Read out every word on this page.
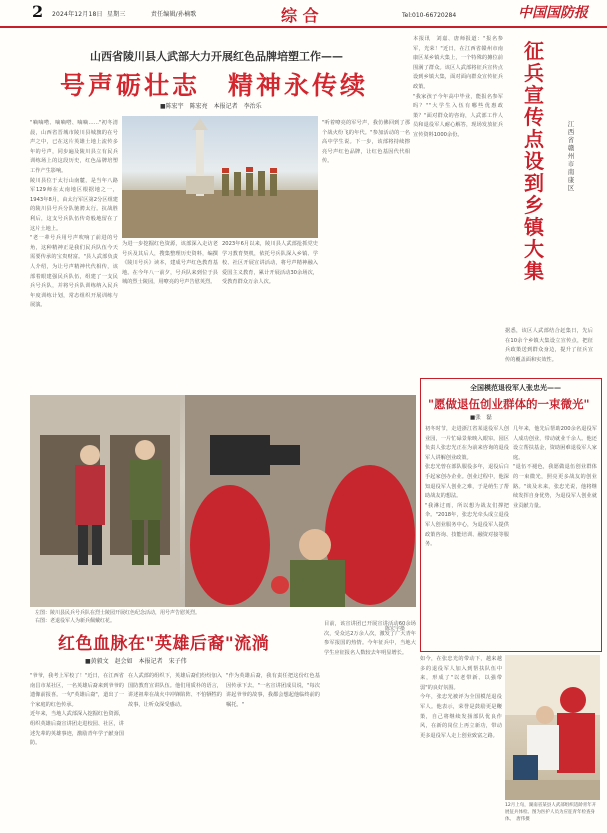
2 2024年12月18日 星期三	责任编辑/孙楠歌	综 合	Tel:010-66720284	中国国防报
山西省陵川县人武部大力开展红色品牌培塑工作——
号声砺壮志　精神永传续
■陈宏宇　陈宏亮　本报记者　李治乐

"嘀嘀嗒、嘀嘀嗒、嘀嘀……"初冬清晨，山西省晋城市陵川县城旗的在号声之中，已在这片英雄土地上流传多年的号声，同步遍及陵川县立有民兵训练场上的这段历史，红色品牌培塑工作产生影响。

陵川县位于太行山南麓，是当年八路军129师在太南地区根据地之一，1943年8月，由太行军区第2分区组建的陵川县号兵分队驰骋太行。抗战胜利后，这支号兵队伍传奇般地留在了这片土地上。

"老一辈号兵用号声吹响了前进的号角，这种精神正是我们民兵队伍今天需要传承的宝贵财富。"县人武部负责人介绍，为让号声精神代代相传，该部着眼建强民兵队伍，组建了一支民兵号兵队，并将号兵队训练纳入民兵年度训练计划，常态组织开展训练与展演。

为进一步挖掘红色资源，该部深入走访老号兵及其后人，搜集整理历史资料，编撰《陵川号兵》读本，建成号声红色教育基地。在今年八一前夕，号兵队来到位于县城的烈士陵园，用嘹亮的号声告慰英烈。

2023年6月以来，陵川县人武部抢抓党史学习教育契机，依托号兵队深入乡镇、学校、社区开展宣讲活动，将号声精神融入爱国主义教育，累计开展活动30余场次，受教育群众万余人次。

"听着嘹亮的军号声，我仿佛回到了那个战火纷飞的年代。"参加活动的一名高中学生说。下一步，该部将持续擦亮号声红色品牌，让红色基因代代相传。

本报讯　刘嘉、唐师报道："报名参军，光荣！"近日，在江西省赣州市南康区某乡镇大集上，一个特殊的摊位前围满了群众。该区人武部将征兵宣传点设到乡镇大集，面对面向群众宣传征兵政策。

"我家孩子今年高中毕业，能报名参军吗？""大学生入伍有哪些优惠政策？"面对群众的咨询，人武部工作人员和退役军人耐心解答，现场发放征兵宣传资料1000余份。

征兵宣传点设到乡镇大集
江西省赣州市南康区

据悉，该区人武部结合赶集日，先后在10余个乡镇大集设立宣传点，把征兵政策送到群众身边，提升了征兵宣传的覆盖面和实效性。

左图：陵川县民兵号兵队在烈士陵园开展红色纪念活动，用号声告慰英烈。
右图：老退役军人为新兵佩戴红花。
陈宏宇摄
红色血脉在"英雄后裔"流淌
■黄毅文　赵会如　本报记者　宋子伟

"爷爷，我考上军校了！"近日，在江西省南昌市某社区，一名英雄后裔来到爷爷的遗像前报喜。一句"英雄后裔"，道出了一个家庭的红色传承。

近年来，当地人武部深入挖掘红色资源，组织英雄后裔宣讲团走进校园、社区，讲述先辈的英雄事迹，激励青年学子献身国防。

在人武部的组织下，英雄后裔们纷纷加入国防教育宣讲队伍。他们用质朴的语言，讲述祖辈在战火中冲锋陷阵、不怕牺牲的故事，让听众深受感动。

"作为英雄后裔，我有责任把这份红色基因传承下去。"一名宣讲团成员说，"每次讲起爷爷的故事，我都会想起他临终前的嘱托。"

目前，该宣讲团已开展宣讲活动60余场次，受众达2万余人次，激发了广大青年参军报国的热情。今年征兵中，当地大学生应征报名人数较去年明显增长。

全国模范退役军人张忠光——
"愿做退伍创业群体的一束微光"
■张　磊

初冬时节，走进浙江省某退役军人创业园，一片忙碌景象映入眼帘。园区负责人张忠光正在为前来咨询的退役军人讲解创业政策。

张忠光曾在部队服役多年，退役后白手起家创办企业。创业过程中，他深知退役军人创业之难，于是萌生了帮助战友的想法。

"我淋过雨，所以想为战友们撑把伞。"2018年，张忠光牵头成立退役军人创业服务中心，为退役军人提供政策咨询、技能培训、融资对接等服务。

几年来，他先后帮助200余名退役军人成功创业，带动就业千余人。他还设立帮扶基金，资助困难退役军人家庭。

"退伍不褪色，我愿做退伍创业群体的一束微光，照亮更多战友的创业路。"谈及未来，张忠光说，他将继续发挥自身优势，为退役军人创业就业贡献力量。

如今，在张忠光的带动下，越来越多的退役军人加入到帮扶队伍中来，形成了"以老带新、以强带弱"的良好氛围。

今年，张忠光被评为全国模范退役军人。他表示，荣誉是鼓励更是鞭策，自己将继续发扬部队优良作风，在新的岗位上再立新功，带动更多退役军人走上创业致富之路。

12月上旬，湖南省某县人武部组织适龄青年开展征兵体检。图为医护人员为应征青年检查身体。　唐伟摄
